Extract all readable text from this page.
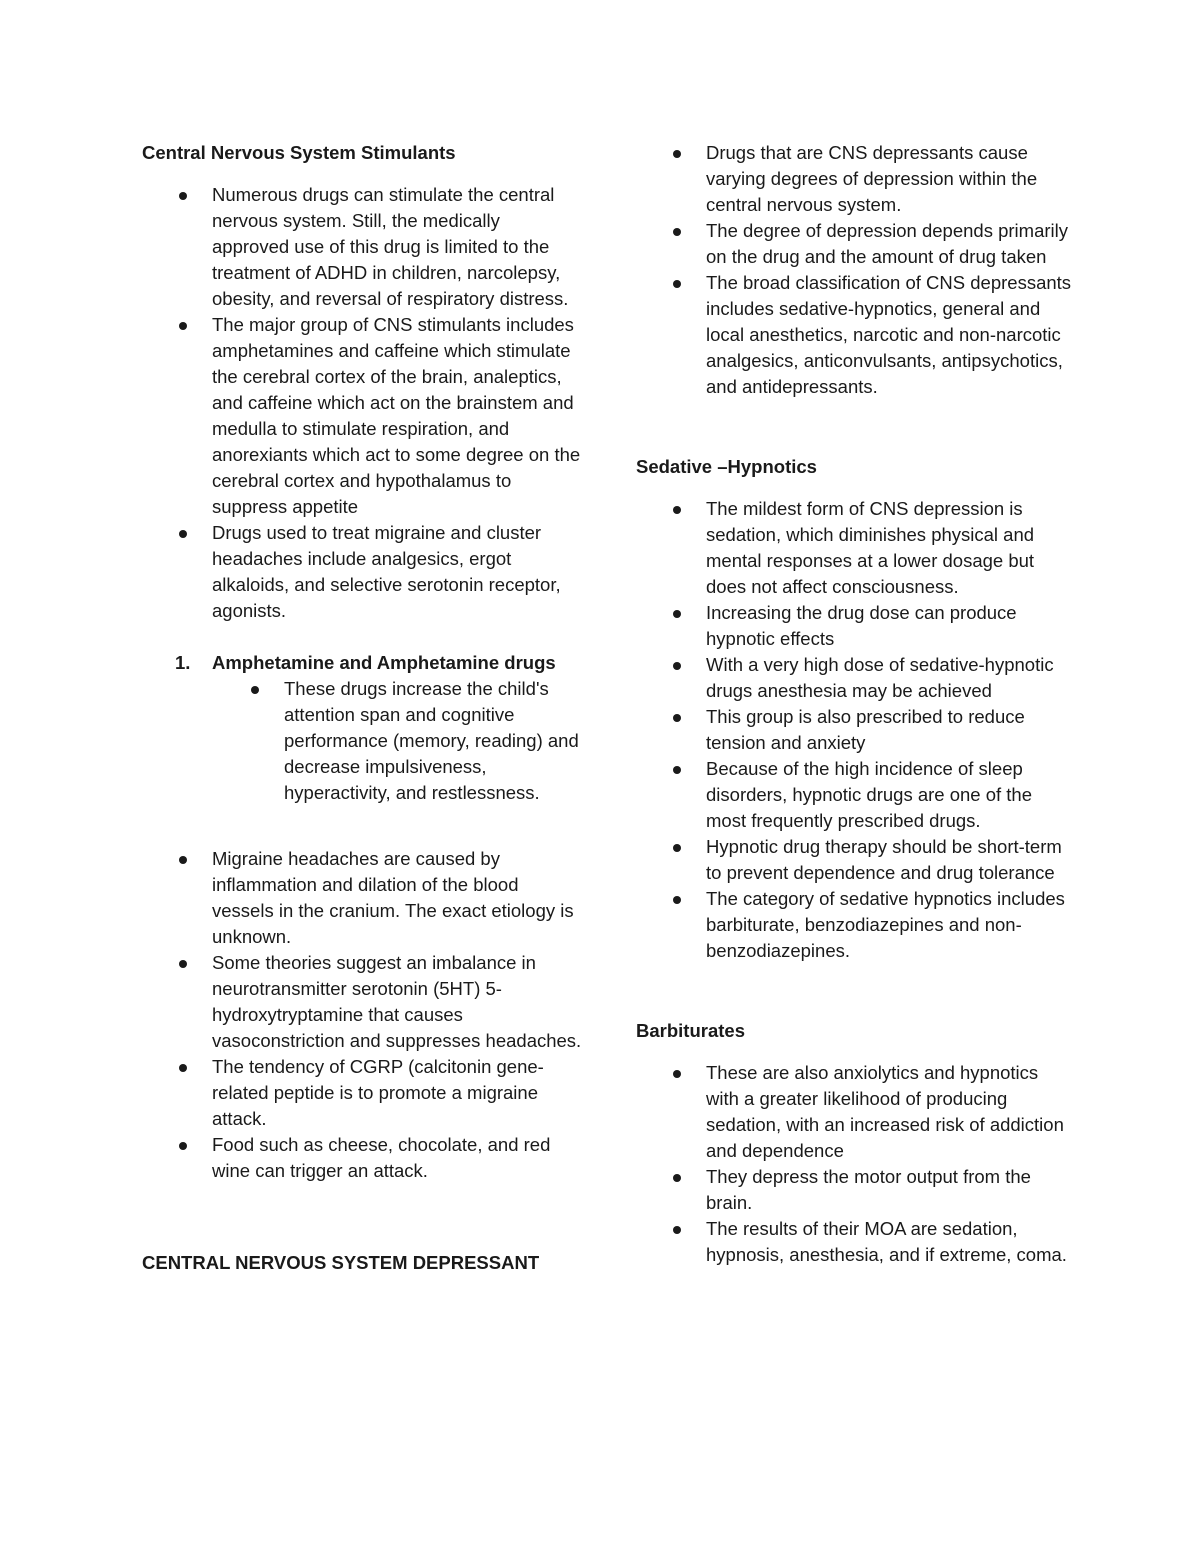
Central Nervous System Stimulants

Numerous drugs can stimulate the central nervous system. Still, the medically approved use of this drug is limited to the treatment of ADHD in children, narcolepsy, obesity, and reversal of respiratory distress.
The major group of CNS stimulants includes amphetamines and caffeine which stimulate the cerebral cortex of the brain, analeptics, and caffeine which act on the brainstem and medulla to stimulate respiration, and anorexiants which act to some degree on the cerebral cortex and hypothalamus to suppress appetite
Drugs used to treat migraine and cluster headaches include analgesics, ergot alkaloids, and selective serotonin receptor, agonists.
1. Amphetamine and Amphetamine drugs
These drugs increase the child's attention span and cognitive performance (memory, reading) and decrease impulsiveness, hyperactivity, and restlessness.
Migraine headaches are caused by inflammation and dilation of the blood vessels in the cranium. The exact etiology is unknown.
Some theories suggest an imbalance in neurotransmitter serotonin (5HT) 5-hydroxytryptamine that causes vasoconstriction and suppresses headaches.
The tendency of CGRP (calcitonin gene-related peptide is to promote a migraine attack.
Food such as cheese, chocolate, and red wine can trigger an attack.

CENTRAL NERVOUS SYSTEM DEPRESSANT

Drugs that are CNS depressants cause varying degrees of depression within the central nervous system.
The degree of depression depends primarily on the drug and the amount of drug taken
The broad classification of CNS depressants includes sedative-hypnotics, general and local anesthetics, narcotic and non-narcotic analgesics, anticonvulsants, antipsychotics, and antidepressants.

Sedative –Hypnotics

The mildest form of CNS depression is sedation, which diminishes physical and mental responses at a lower dosage but does not affect consciousness.
Increasing the drug dose can produce hypnotic effects
With a very high dose of sedative-hypnotic drugs anesthesia may be achieved
This group is also prescribed to reduce tension and anxiety
Because of the high incidence of sleep disorders, hypnotic drugs are one of the most frequently prescribed drugs.
Hypnotic drug therapy should be short-term to prevent dependence and drug tolerance
The category of sedative hypnotics includes barbiturate, benzodiazepines and non-benzodiazepines.

Barbiturates

These are also anxiolytics and hypnotics with a greater likelihood of producing sedation, with an increased risk of addiction and dependence
They depress the motor output from the brain.
The results of their MOA are sedation, hypnosis, anesthesia, and if extreme, coma.
